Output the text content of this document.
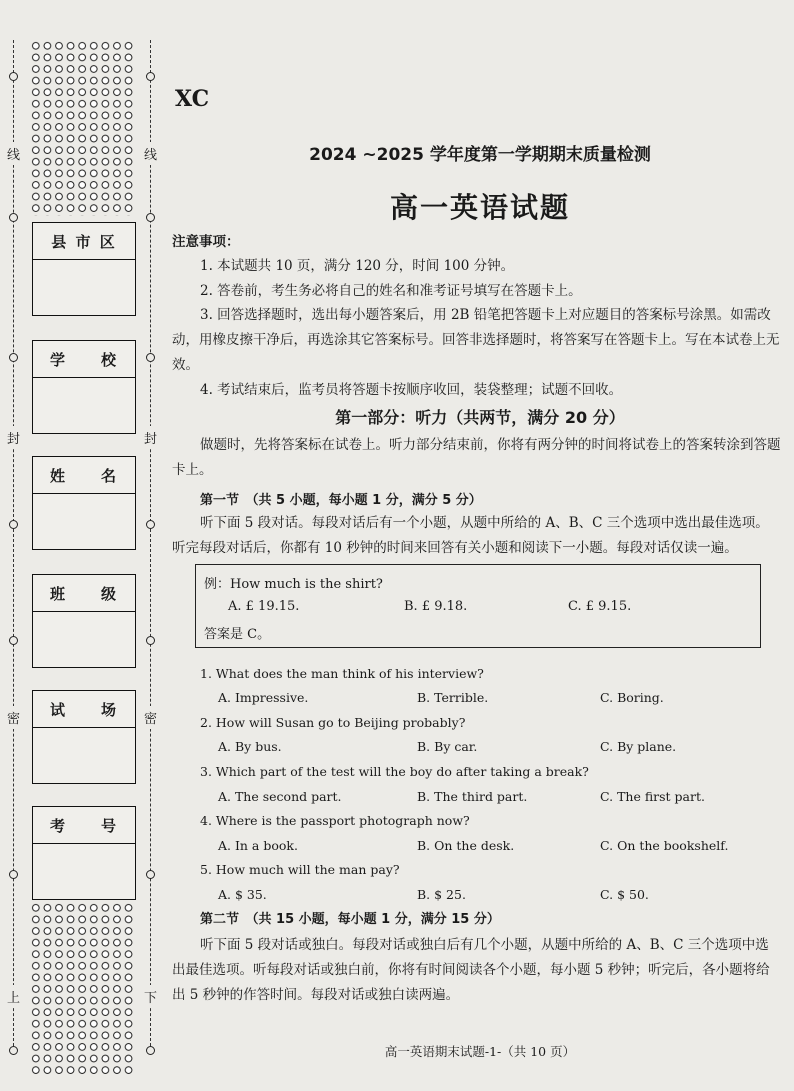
线
封
密
上
线
封
密
下
县 市 区
学　　校
姓　　名
班　　级
试　　场
考　　号
XC
2024 ~2025 学年度第一学期期末质量检测
高一英语试题
注意事项：
1. 本试题共 10 页，满分 120 分，时间 100 分钟。
2. 答卷前，考生务必将自己的姓名和准考证号填写在答题卡上。
3. 回答选择题时，选出每小题答案后，用 2B 铅笔把答题卡上对应题目的答案标号涂黑。如需改动，用橡皮擦干净后，再选涂其它答案标号。回答非选择题时，将答案写在答题卡上。写在本试卷上无效。
4. 考试结束后，监考员将答题卡按顺序收回，装袋整理；试题不回收。
第一部分：听力（共两节，满分 20 分）
做题时，先将答案标在试卷上。听力部分结束前，你将有两分钟的时间将试卷上的答案转涂到答题卡上。
第一节　（共 5 小题，每小题 1 分，满分 5 分）
听下面 5 段对话。每段对话后有一个小题，从题中所给的 A、B、C 三个选项中选出最佳选项。听完每段对话后，你都有 10 秒钟的时间来回答有关小题和阅读下一小题。每段对话仅读一遍。
例：How much is the shirt?
A. £ 19.15.	B. £ 9.18.	C. £ 9.15.
答案是 C。
1. What does the man think of his interview?
A. Impressive.	B. Terrible.	C. Boring.
2. How will Susan go to Beijing probably?
A. By bus.	B. By car.	C. By plane.
3. Which part of the test will the boy do after taking a break?
A. The second part.	B. The third part.	C. The first part.
4. Where is the passport photograph now?
A. In a book.	B. On the desk.	C. On the bookshelf.
5. How much will the man pay?
A. $ 35.	B. $ 25.	C. $ 50.
第二节　（共 15 小题，每小题 1 分，满分 15 分）
听下面 5 段对话或独白。每段对话或独白后有几个小题，从题中所给的 A、B、C 三个选项中选出最佳选项。听每段对话或独白前，你将有时间阅读各个小题，每小题 5 秒钟；听完后，各小题将给出 5 秒钟的作答时间。每段对话或独白读两遍。
高一英语期末试题-1-（共 10 页）
